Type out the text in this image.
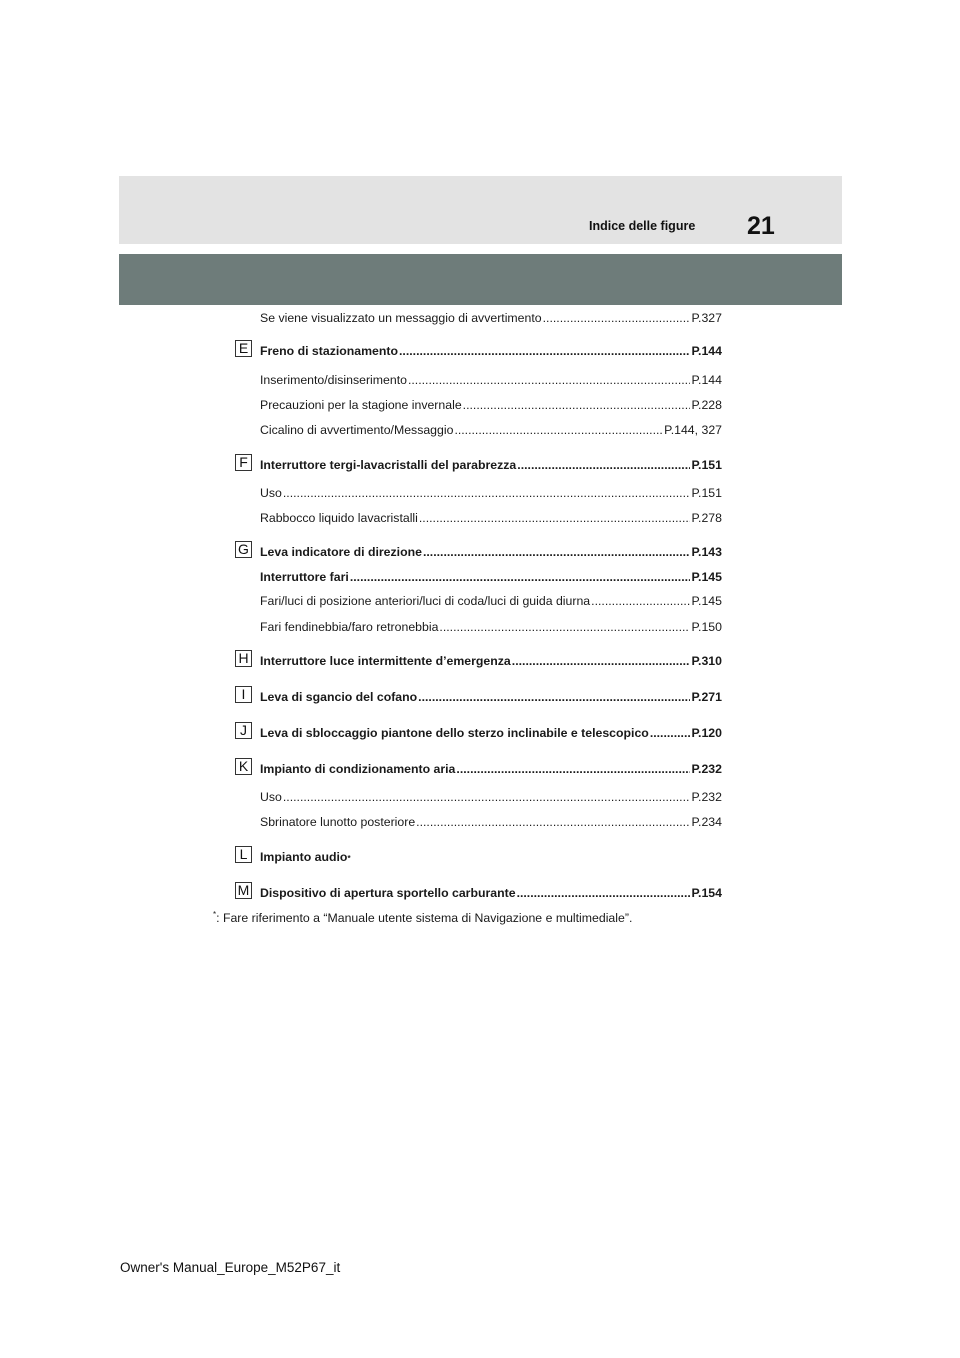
21
Indice delle figure
Se viene visualizzato un messaggio di avvertimento .....	P.327
E Freno di stazionamento .....	P.144
Inserimento/disinserimento .....	P.144
Precauzioni per la stagione invernale .....	P.228
Cicalino di avvertimento/Messaggio .....	P.144, 327
F Interruttore tergi-lavacristalli del parabrezza .....	P.151
Uso .....	P.151
Rabbocco liquido lavacristalli .....	P.278
G Leva indicatore di direzione .....	P.143
Interruttore fari .....	P.145
Fari/luci di posizione anteriori/luci di coda/luci di guida diurna .....	P.145
Fari fendinebbia/faro retronebbia .....	P.150
H Interruttore luce intermittente d’emergenza .....	P.310
I	Leva di sgancio del cofano .....	P.271
J	Leva di sbloccaggio piantone dello sterzo inclinabile e telescopico .....	P.120
K Impianto di condizionamento aria .....	P.232
Uso .....	P.232
Sbrinatore lunotto posteriore .....	P.234
L	Impianto audio *
M Dispositivo di apertura sportello carburante .....	P.154
*: Fare riferimento a “Manuale utente sistema di Navigazione e multimediale”.
Owner's Manual_Europe_M52P67_it
